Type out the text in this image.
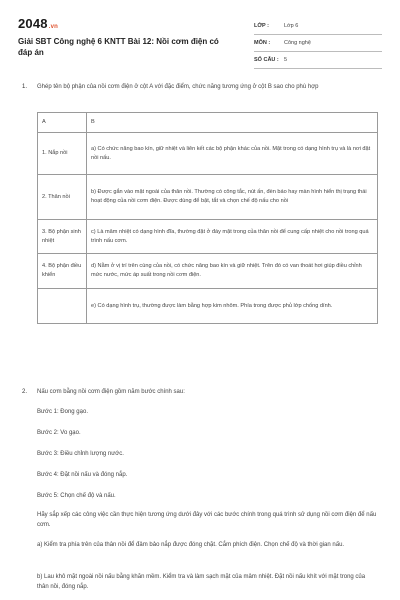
2048.vn
Giải SBT Công nghệ 6 KNTT Bài 12: Nồi cơm điện có đáp án
LỚP :	Lớp 6
MÔN :	Công nghệ
SỐ CÂU : 5
1. Ghép tên bộ phận của nồi cơm điện ở cột A với đặc điểm, chức năng tương ứng ở cột B sao cho phù hợp
A	B
1. Nắp nồi	a) Có chức năng bao kín, giữ nhiệt và liên kết các bộ phận khác của nồi. Mặt trong có dạng hình trụ và là nơi đặt nồi nấu.
2. Thân nồi	b) Được gắn vào mặt ngoài của thân nồi. Thường có công tắc, nút ấn, đèn báo hay màn hình hiển thị trạng thái hoạt động của nồi cơm điện. Được dùng để bật, tắt và chọn chế độ nấu cho nồi
3. Bộ phận sinh nhiệt	c) Là mâm nhiệt có dạng hình đĩa, thường đặt ở đáy mặt trong của thân nồi để cung cấp nhiệt cho nồi trong quá trình nấu cơm.
4. Bộ phận điều khiển	d) Nằm ở vị trí trên cùng của nồi, có chức năng bao kín và giữ nhiệt. Trên đó có van thoát hơi giúp điều chỉnh mức nước, mức áp suất trong nồi cơm điện.
	e) Có dạng hình trụ, thường được làm bằng hợp kim nhôm. Phía trong được phủ lớp chống dính.
2. Nấu cơm bằng nồi cơm điện gồm năm bước chính sau:
Bước 1: Đong gạo.
Bước 2: Vo gạo.
Bước 3: Điều chỉnh lượng nước.
Bước 4: Đặt nồi nấu và đóng nắp.
Bước 5: Chọn chế độ và nấu.
Hãy sắp xếp các công việc cần thực hiện tương ứng dưới đây với các bước chính trong quá trình sử dụng nồi cơm điện để nấu cơm.
a) Kiểm tra phía trên của thân nồi để đảm bảo nắp được đóng chặt. Cắm phích điện. Chọn chế độ và thời gian nấu.
b) Lau khô mặt ngoài nồi nấu bằng khăn mềm. Kiểm tra và làm sạch mặt của mâm nhiệt. Đặt nồi nấu khít với mặt trong của thân nồi, đóng nắp.
